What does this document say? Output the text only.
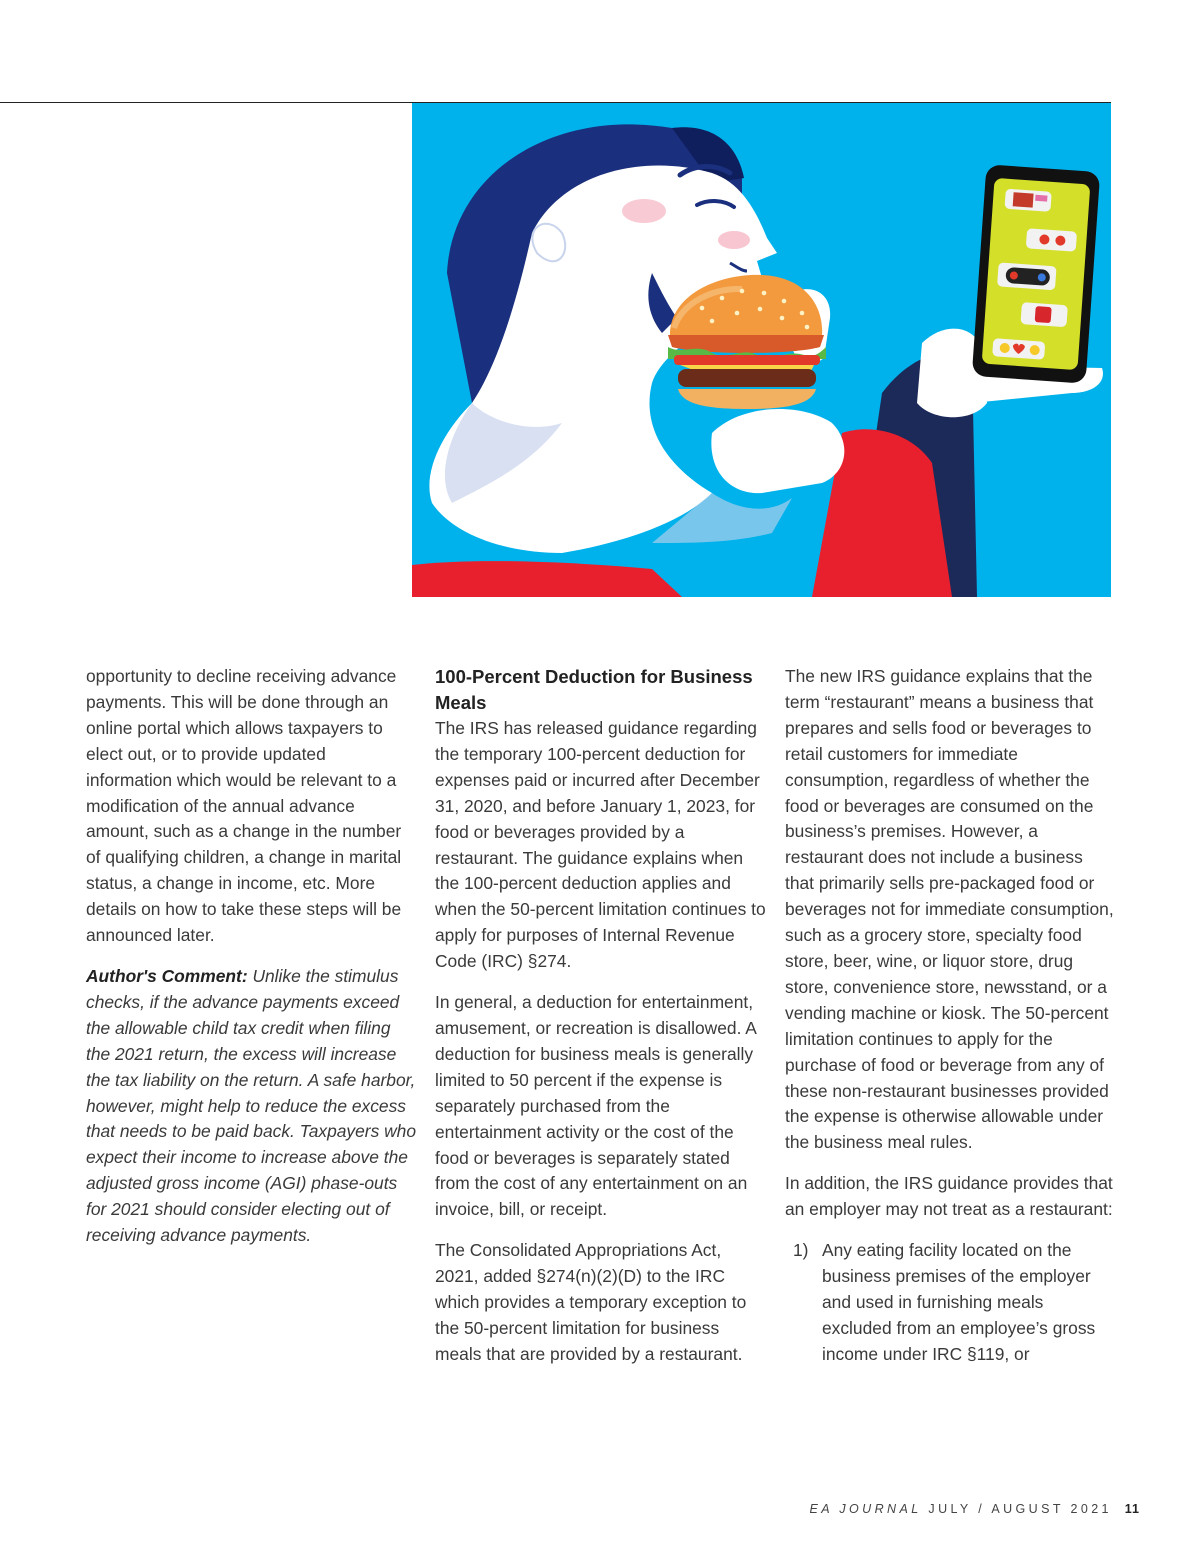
opportunity to decline receiving advance payments. This will be done through an online portal which allows taxpayers to elect out, or to provide updated information which would be relevant to a modification of the annual advance amount, such as a change in the number of qualifying children, a change in marital status, a change in income, etc. More details on how to take these steps will be announced later.

Author's Comment: Unlike the stimulus checks, if the advance payments exceed the allowable child tax credit when filing the 2021 return, the excess will increase the tax liability on the return. A safe harbor, however, might help to reduce the excess that needs to be paid back. Taxpayers who expect their income to increase above the adjusted gross income (AGI) phase-outs for 2021 should consider electing out of receiving advance payments.

100-Percent Deduction for Business Meals

The IRS has released guidance regarding the temporary 100-percent deduction for expenses paid or incurred after December 31, 2020, and before January 1, 2023, for food or beverages provided by a restaurant. The guidance explains when the 100-percent deduction applies and when the 50-percent limitation continues to apply for purposes of Internal Revenue Code (IRC) §274.

In general, a deduction for entertainment, amusement, or recreation is disallowed. A deduction for business meals is generally limited to 50 percent if the expense is separately purchased from the entertainment activity or the cost of the food or beverages is separately stated from the cost of any entertainment on an invoice, bill, or receipt.

The Consolidated Appropriations Act, 2021, added §274(n)(2)(D) to the IRC which provides a temporary exception to the 50-percent limitation for business meals that are provided by a restaurant.

The new IRS guidance explains that the term “restaurant” means a business that prepares and sells food or beverages to retail customers for immediate consumption, regardless of whether the food or beverages are consumed on the business’s premises. However, a restaurant does not include a business that primarily sells pre-packaged food or beverages not for immediate consumption, such as a grocery store, specialty food store, beer, wine, or liquor store, drug store, convenience store, newsstand, or a vending machine or kiosk. The 50-percent limitation continues to apply for the purchase of food or beverage from any of these non-restaurant businesses provided the expense is otherwise allowable under the business meal rules.

In addition, the IRS guidance provides that an employer may not treat as a restaurant:

1) Any eating facility located on the business premises of the employer and used in furnishing meals excluded from an employee’s gross income under IRC §119, or
EA JOURNAL JULY / AUGUST 2021 11
